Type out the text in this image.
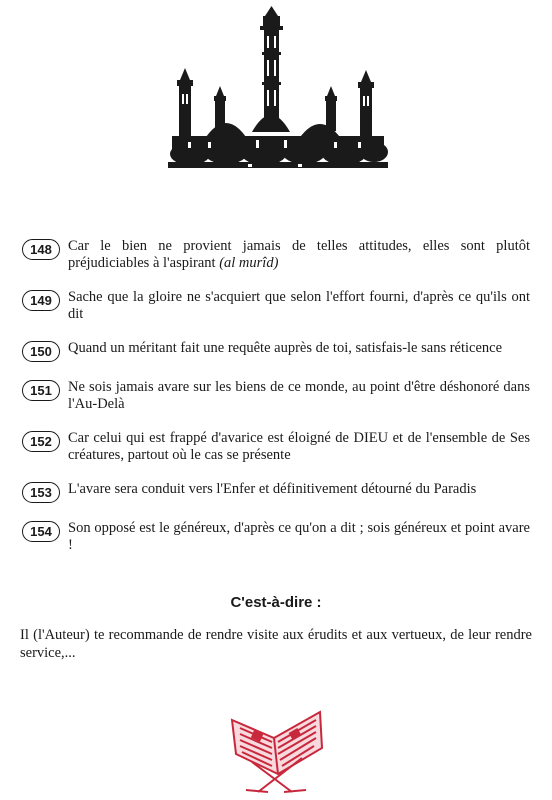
148	Car le bien ne provient jamais de telles attitudes, elles sont plutôt préjudiciables à l'aspirant (al murîd)
149	Sache que la gloire ne s'acquiert que selon l'effort fourni, d'après ce qu'ils ont dit
150	Quand un méritant fait une requête auprès de toi, satisfais-le sans réticence
151	Ne sois jamais avare sur les biens de ce monde, au point d'être déshonoré dans l'Au-Delà
152	Car celui qui est frappé d'avarice est éloigné de DIEU et de l'ensemble de Ses créatures, partout où le cas se présente
153	L'avare sera conduit vers l'Enfer et définitivement détourné du Paradis
154	Son opposé est le généreux, d'après ce qu'on a dit ; sois généreux et point avare !
C'est-à-dire :
Il (l'Auteur) te recommande de rendre visite aux érudits et aux vertueux, de leur rendre service,...
